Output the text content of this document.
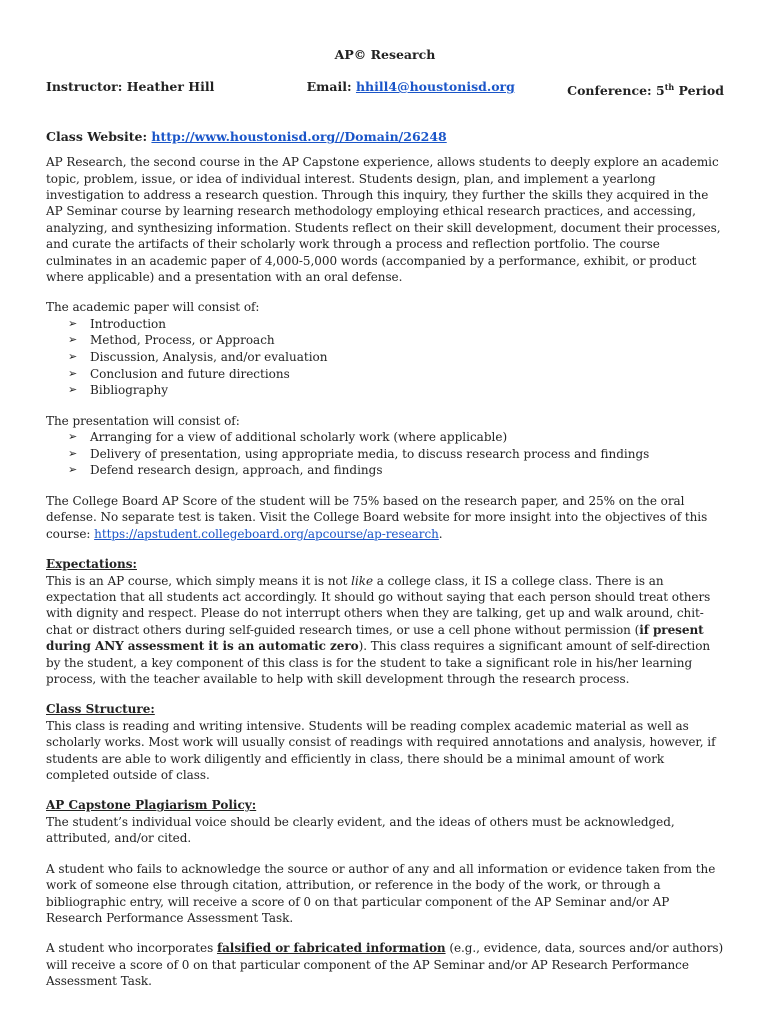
AP© Research
Instructor: Heather Hill	Email: hhill4@houstonisd.org	Conference: 5th Period
Class Website: http://www.houstonisd.org//Domain/26248

AP Research, the second course in the AP Capstone experience, allows students to deeply explore an academic topic, problem, issue, or idea of individual interest. Students design, plan, and implement a yearlong investigation to address a research question. Through this inquiry, they further the skills they acquired in the AP Seminar course by learning research methodology employing ethical research practices, and accessing, analyzing, and synthesizing information. Students reflect on their skill development, document their processes, and curate the artifacts of their scholarly work through a process and reflection portfolio. The course culminates in an academic paper of 4,000-5,000 words (accompanied by a performance, exhibit, or product where applicable) and a presentation with an oral defense.

The academic paper will consist of:

➢ Introduction
➢ Method, Process, or Approach
➢ Discussion, Analysis, and/or evaluation
➢ Conclusion and future directions
➢ Bibliography

The presentation will consist of:

➢ Arranging for a view of additional scholarly work (where applicable)
➢ Delivery of presentation, using appropriate media, to discuss research process and findings
➢ Defend research design, approach, and findings

The College Board AP Score of the student will be 75% based on the research paper, and 25% on the oral defense. No separate test is taken. Visit the College Board website for more insight into the objectives of this course: https://apstudent.collegeboard.org/apcourse/ap-research.

Expectations:

This is an AP course, which simply means it is not like a college class, it IS a college class. There is an expectation that all students act accordingly. It should go without saying that each person should treat others with dignity and respect. Please do not interrupt others when they are talking, get up and walk around, chit-chat or distract others during self-guided research times, or use a cell phone without permission (if present during ANY assessment it is an automatic zero). This class requires a significant amount of self-direction by the student, a key component of this class is for the student to take a significant role in his/her learning process, with the teacher available to help with skill development through the research process.

Class Structure:

This class is reading and writing intensive. Students will be reading complex academic material as well as scholarly works. Most work will usually consist of readings with required annotations and analysis, however, if students are able to work diligently and efficiently in class, there should be a minimal amount of work completed outside of class.

AP Capstone Plagiarism Policy:

The student’s individual voice should be clearly evident, and the ideas of others must be acknowledged, attributed, and/or cited.

A student who fails to acknowledge the source or author of any and all information or evidence taken from the work of someone else through citation, attribution, or reference in the body of the work, or through a bibliographic entry, will receive a score of 0 on that particular component of the AP Seminar and/or AP Research Performance Assessment Task.

A student who incorporates falsified or fabricated information (e.g., evidence, data, sources and/or authors) will receive a score of 0 on that particular component of the AP Seminar and/or AP Research Performance Assessment Task.
